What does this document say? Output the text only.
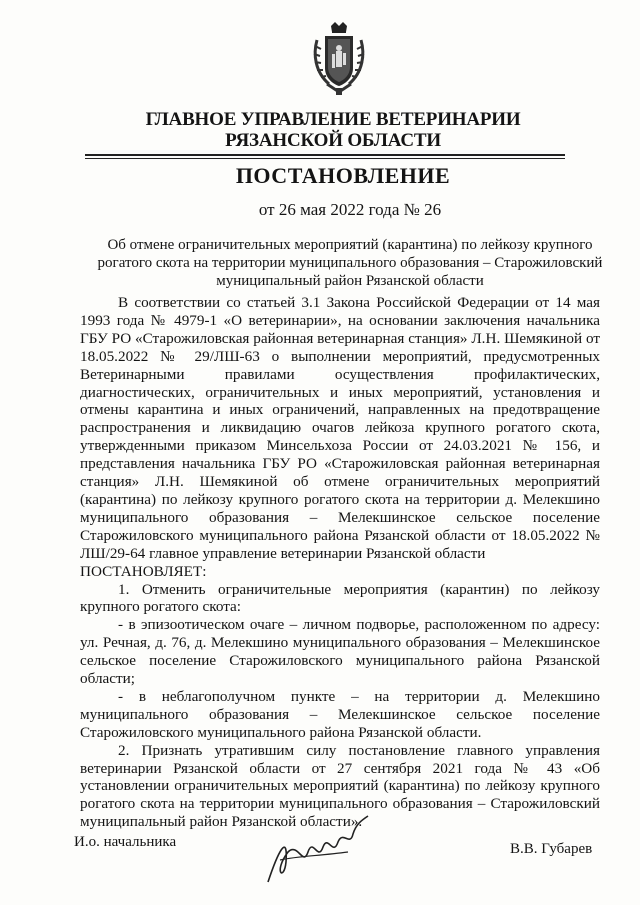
ГЛАВНОЕ УПРАВЛЕНИЕ ВЕТЕРИНАРИИ
РЯЗАНСКОЙ ОБЛАСТИ
ПОСТАНОВЛЕНИЕ
от 26 мая 2022 года № 26
Об отмене ограничительных мероприятий (карантина) по лейкозу крупного рогатого скота на территории муниципального образования – Старожиловский муниципальный район Рязанской области

В соответствии со статьей 3.1 Закона Российской Федерации от 14 мая 1993 года № 4979-1 «О ветеринарии», на основании заключения начальника ГБУ РО «Старожиловская районная ветеринарная станция» Л.Н. Шемякиной от 18.05.2022 № 29/ЛШ-63 о выполнении мероприятий, предусмотренных Ветеринарными правилами осуществления профилактических, диагностических, ограничительных и иных мероприятий, установления и отмены карантина и иных ограничений, направленных на предотвращение распространения и ликвидацию очагов лейкоза крупного рогатого скота, утвержденными приказом Минсельхоза России от 24.03.2021 № 156, и представления начальника ГБУ РО «Старожиловская районная ветеринарная станция» Л.Н. Шемякиной об отмене ограничительных мероприятий (карантина) по лейкозу крупного рогатого скота на территории д. Мелекшино муниципального образования – Мелекшинское сельское поселение Старожиловского муниципального района Рязанской области от 18.05.2022 № ЛШ/29-64 главное управление ветеринарии Рязанской области

ПОСТАНОВЛЯЕТ:

1. Отменить ограничительные мероприятия (карантин) по лейкозу крупного рогатого скота:

- в эпизоотическом очаге – личном подворье, расположенном по адресу: ул. Речная, д. 76, д. Мелекшино муниципального образования – Мелекшинское сельское поселение Старожиловского муниципального района Рязанской области;

- в неблагополучном пункте – на территории д. Мелекшино муниципального образования – Мелекшинское сельское поселение Старожиловского муниципального района Рязанской области.

2. Признать утратившим силу постановление главного управления ветеринарии Рязанской области от 27 сентября 2021 года № 43 «Об установлении ограничительных мероприятий (карантина) по лейкозу крупного рогатого скота на территории муниципального образования – Старожиловский муниципальный район Рязанской области».

И.о. начальника	В.В. Губарев
